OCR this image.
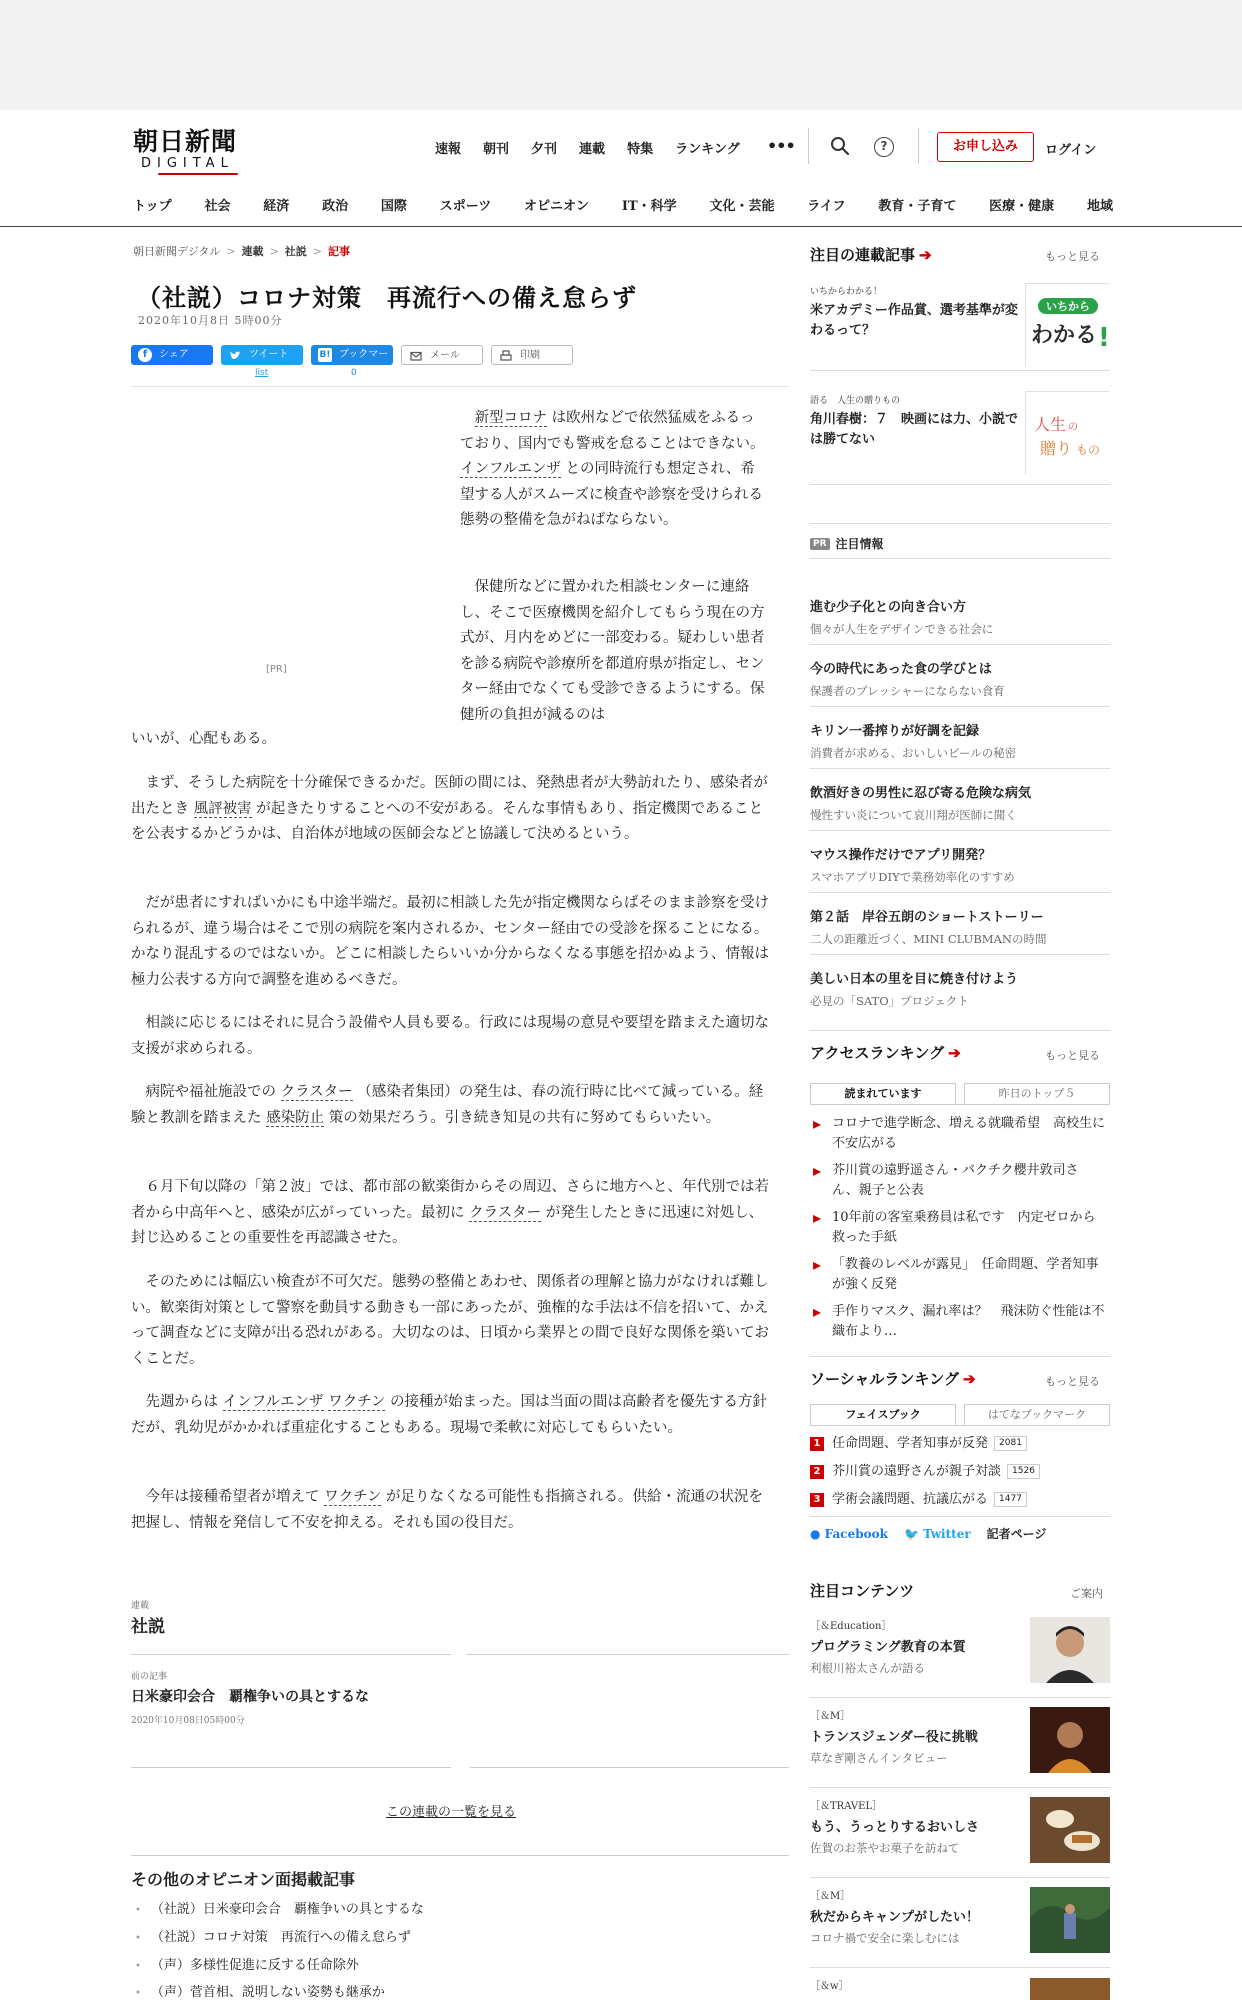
朝日新聞
DIGITAL
速報 朝刊 夕刊 連載 特集 ランキング •••	?	お申し込み	ログイン
トップ	社会	経済	政治	国際	スポーツ	オピニオン	IT・科学	文化・芸能	ライフ	教育・子育て	医療・健康	地域
朝日新聞デジタル > 連載 > 社説 > 記事
（社説）コロナ対策　再流行への備え怠らず
2020年10月8日 5時00分
f	シェア	ツイート	B! ブックマーク
メール	印刷
list	0
[PR]

　新型コロナ は欧州などで依然猛威をふるっており、国内でも警戒を怠ることはできない。 インフルエンザ との同時流行も想定され、希望する人がスムーズに検査や診察を受けられる態勢の整備を急がねばならない。

　保健所などに置かれた相談センターに連絡し、そこで医療機関を紹介してもらう現在の方式が、月内をめどに一部変わる。疑わしい患者を診る病院や診療所を都道府県が指定し、センター経由でなくても受診できるようにする。保健所の負担が減るのは

いいが、心配もある。

　まず、そうした病院を十分確保できるかだ。医師の間には、発熱患者が大勢訪れたり、感染者が出たとき 風評被害 が起きたりすることへの不安がある。そんな事情もあり、指定機関であることを公表するかどうかは、自治体が地域の医師会などと協議して決めるという。

　だが患者にすればいかにも中途半端だ。最初に相談した先が指定機関ならばそのまま診察を受けられるが、違う場合はそこで別の病院を案内されるか、センター経由での受診を探ることになる。かなり混乱するのではないか。どこに相談したらいいか分からなくなる事態を招かぬよう、情報は極力公表する方向で調整を進めるべきだ。

　相談に応じるにはそれに見合う設備や人員も要る。行政には現場の意見や要望を踏まえた適切な支援が求められる。

　病院や福祉施設での クラスター （感染者集団）の発生は、春の流行時に比べて減っている。経験と教訓を踏まえた 感染防止 策の効果だろう。引き続き知見の共有に努めてもらいたい。

　６月下旬以降の「第２波」では、都市部の歓楽街からその周辺、さらに地方へと、年代別では若者から中高年へと、感染が広がっていった。最初に クラスター が発生したときに迅速に対処し、封じ込めることの重要性を再認識させた。

　そのためには幅広い検査が不可欠だ。態勢の整備とあわせ、関係者の理解と協力がなければ難しい。歓楽街対策として警察を動員する動きも一部にあったが、強権的な手法は不信を招いて、かえって調査などに支障が出る恐れがある。大切なのは、日頃から業界との間で良好な関係を築いておくことだ。

　先週からは インフルエンザ ワクチン の接種が始まった。国は当面の間は高齢者を優先する方針だが、乳幼児がかかれば重症化することもある。現場で柔軟に対応してもらいたい。

　今年は接種希望者が増えて ワクチン が足りなくなる可能性も指摘される。供給・流通の状況を把握し、情報を発信して不安を抑える。それも国の役目だ。

連載
社説
前の記事
日米豪印会合　覇権争いの具とするな
2020年10月08日05時00分
この連載の一覧を見る
その他のオピニオン面掲載記事
• （社説）日米豪印会合　覇権争いの具とするな
• （社説）コロナ対策　再流行への備え怠らず
• （声）多様性促進に反する任命除外
• （声）菅首相、説明しない姿勢も継承か
注目の連載記事 ➔	もっと見る
いちからわかる！
米アカデミー作品賞、選考基準が変わるって？
いちから
わかる !
語る　人生の贈りもの
角川春樹：７　映画には力、小説では勝てない
人生 の
贈り もの
PR 注目情報
進む少子化との向き合い方
個々が人生をデザインできる社会に
今の時代にあった食の学びとは
保護者のプレッシャーにならない食育
キリン一番搾りが好調を記録
消費者が求める、おいしいビールの秘密
飲酒好きの男性に忍び寄る危険な病気
慢性すい炎について哀川翔が医師に聞く
マウス操作だけでアプリ開発？
スマホアプリDIYで業務効率化のすすめ
第２話　岸谷五朗のショートストーリー
二人の距離近づく、MINI CLUBMANの時間
美しい日本の里を目に焼き付けよう
必見の「SATO」プロジェクト
アクセスランキング ➔	もっと見る
読まれています	昨日のトップ５
▸ コロナで進学断念、増える就職希望　高校生に不安広がる
▸ 芥川賞の遠野遥さん・バクチク櫻井敦司さん、親子と公表
▸ 10年前の客室乗務員は私です　内定ゼロから救った手紙
▸ 「教養のレベルが露見」　任命問題、学者知事が強く反発
▸ 手作りマスク、漏れ率は？　飛沫防ぐ性能は不織布より…
ソーシャルランキング ➔	もっと見る
フェイスブック	はてなブックマーク
1 任命問題、学者知事が反発 2081
2 芥川賞の遠野さんが親子対談 1526
3 学術会議問題、抗議広がる 1477
● Facebook 🐦 Twitter 記者ページ
注目コンテンツ	ご案内
［＆Education］
プログラミング教育の本質
利根川裕太さんが語る
［＆M］
トランスジェンダー役に挑戦
草なぎ剛さんインタビュー
［＆TRAVEL］
もう、うっとりするおいしさ
佐賀のお茶やお菓子を訪ねて
［＆M］
秋だからキャンプがしたい！
コロナ禍で安全に楽しむには
［＆w］
